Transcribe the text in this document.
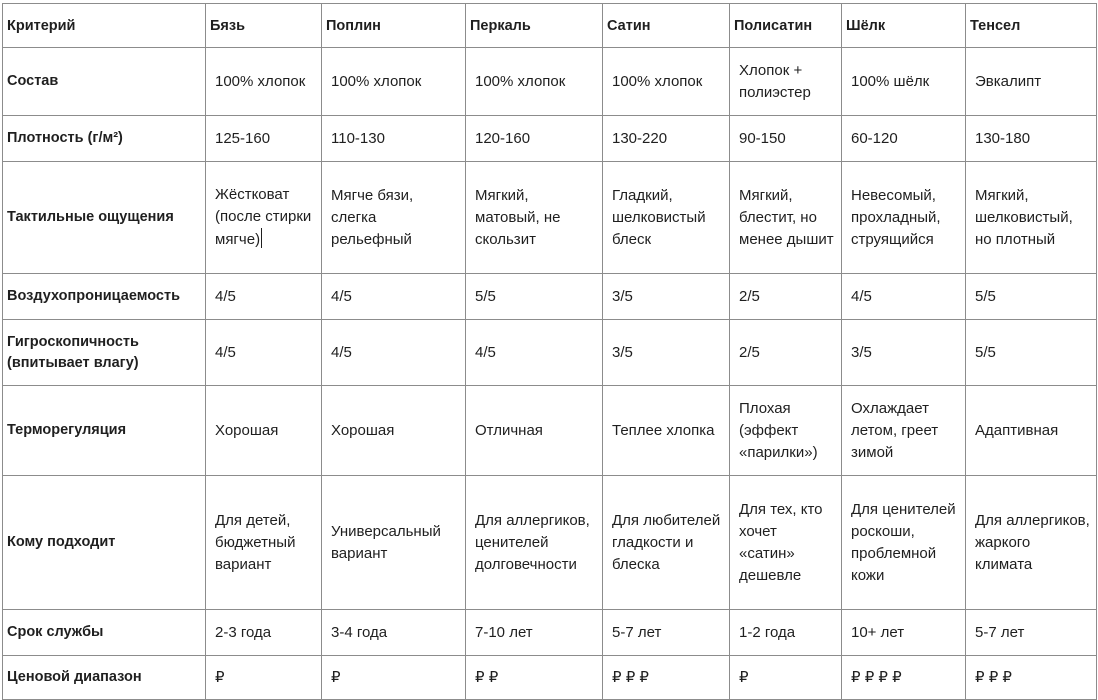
Критерий	Бязь	Поплин	Перкаль	Сатин	Полисатин	Шёлк	Тенсел
Состав	100% хлопок	100% хлопок	100% хлопок	100% хлопок	Хлопок + полиэстер	100% шёлк	Эвкалипт
Плотность (г/м²)	125-160	110-130	120-160	130-220	90-150	60-120	130-180
Тактильные ощущения	Жёстковат (после стирки мягче)	Мягче бязи, слегка рельефный	Мягкий, матовый, не скользит	Гладкий, шелковистый блеск	Мягкий, блестит, но менее дышит	Невесомый, прохладный, струящийся	Мягкий, шелковистый, но плотный
Воздухопроницаемость	4/5	4/5	5/5	3/5	2/5	4/5	5/5
Гигроскопичность (впитывает влагу)	4/5	4/5	4/5	3/5	2/5	3/5	5/5
Терморегуляция	Хорошая	Хорошая	Отличная	Теплее хлопка	Плохая (эффект «парилки»)	Охлаждает летом, греет зимой	Адаптивная
Кому подходит	Для детей, бюджетный вариант	Универсальный вариант	Для аллергиков, ценителей долговечности	Для любителей гладкости и блеска	Для тех, кто хочет «сатин» дешевле	Для ценителей роскоши, проблемной кожи	Для аллергиков, жаркого климата
Срок службы	2-3 года	3-4 года	7-10 лет	5-7 лет	1-2 года	10+ лет	5-7 лет
Ценовой диапазон	₽	₽	₽ ₽	₽ ₽ ₽	₽	₽ ₽ ₽ ₽	₽ ₽ ₽
